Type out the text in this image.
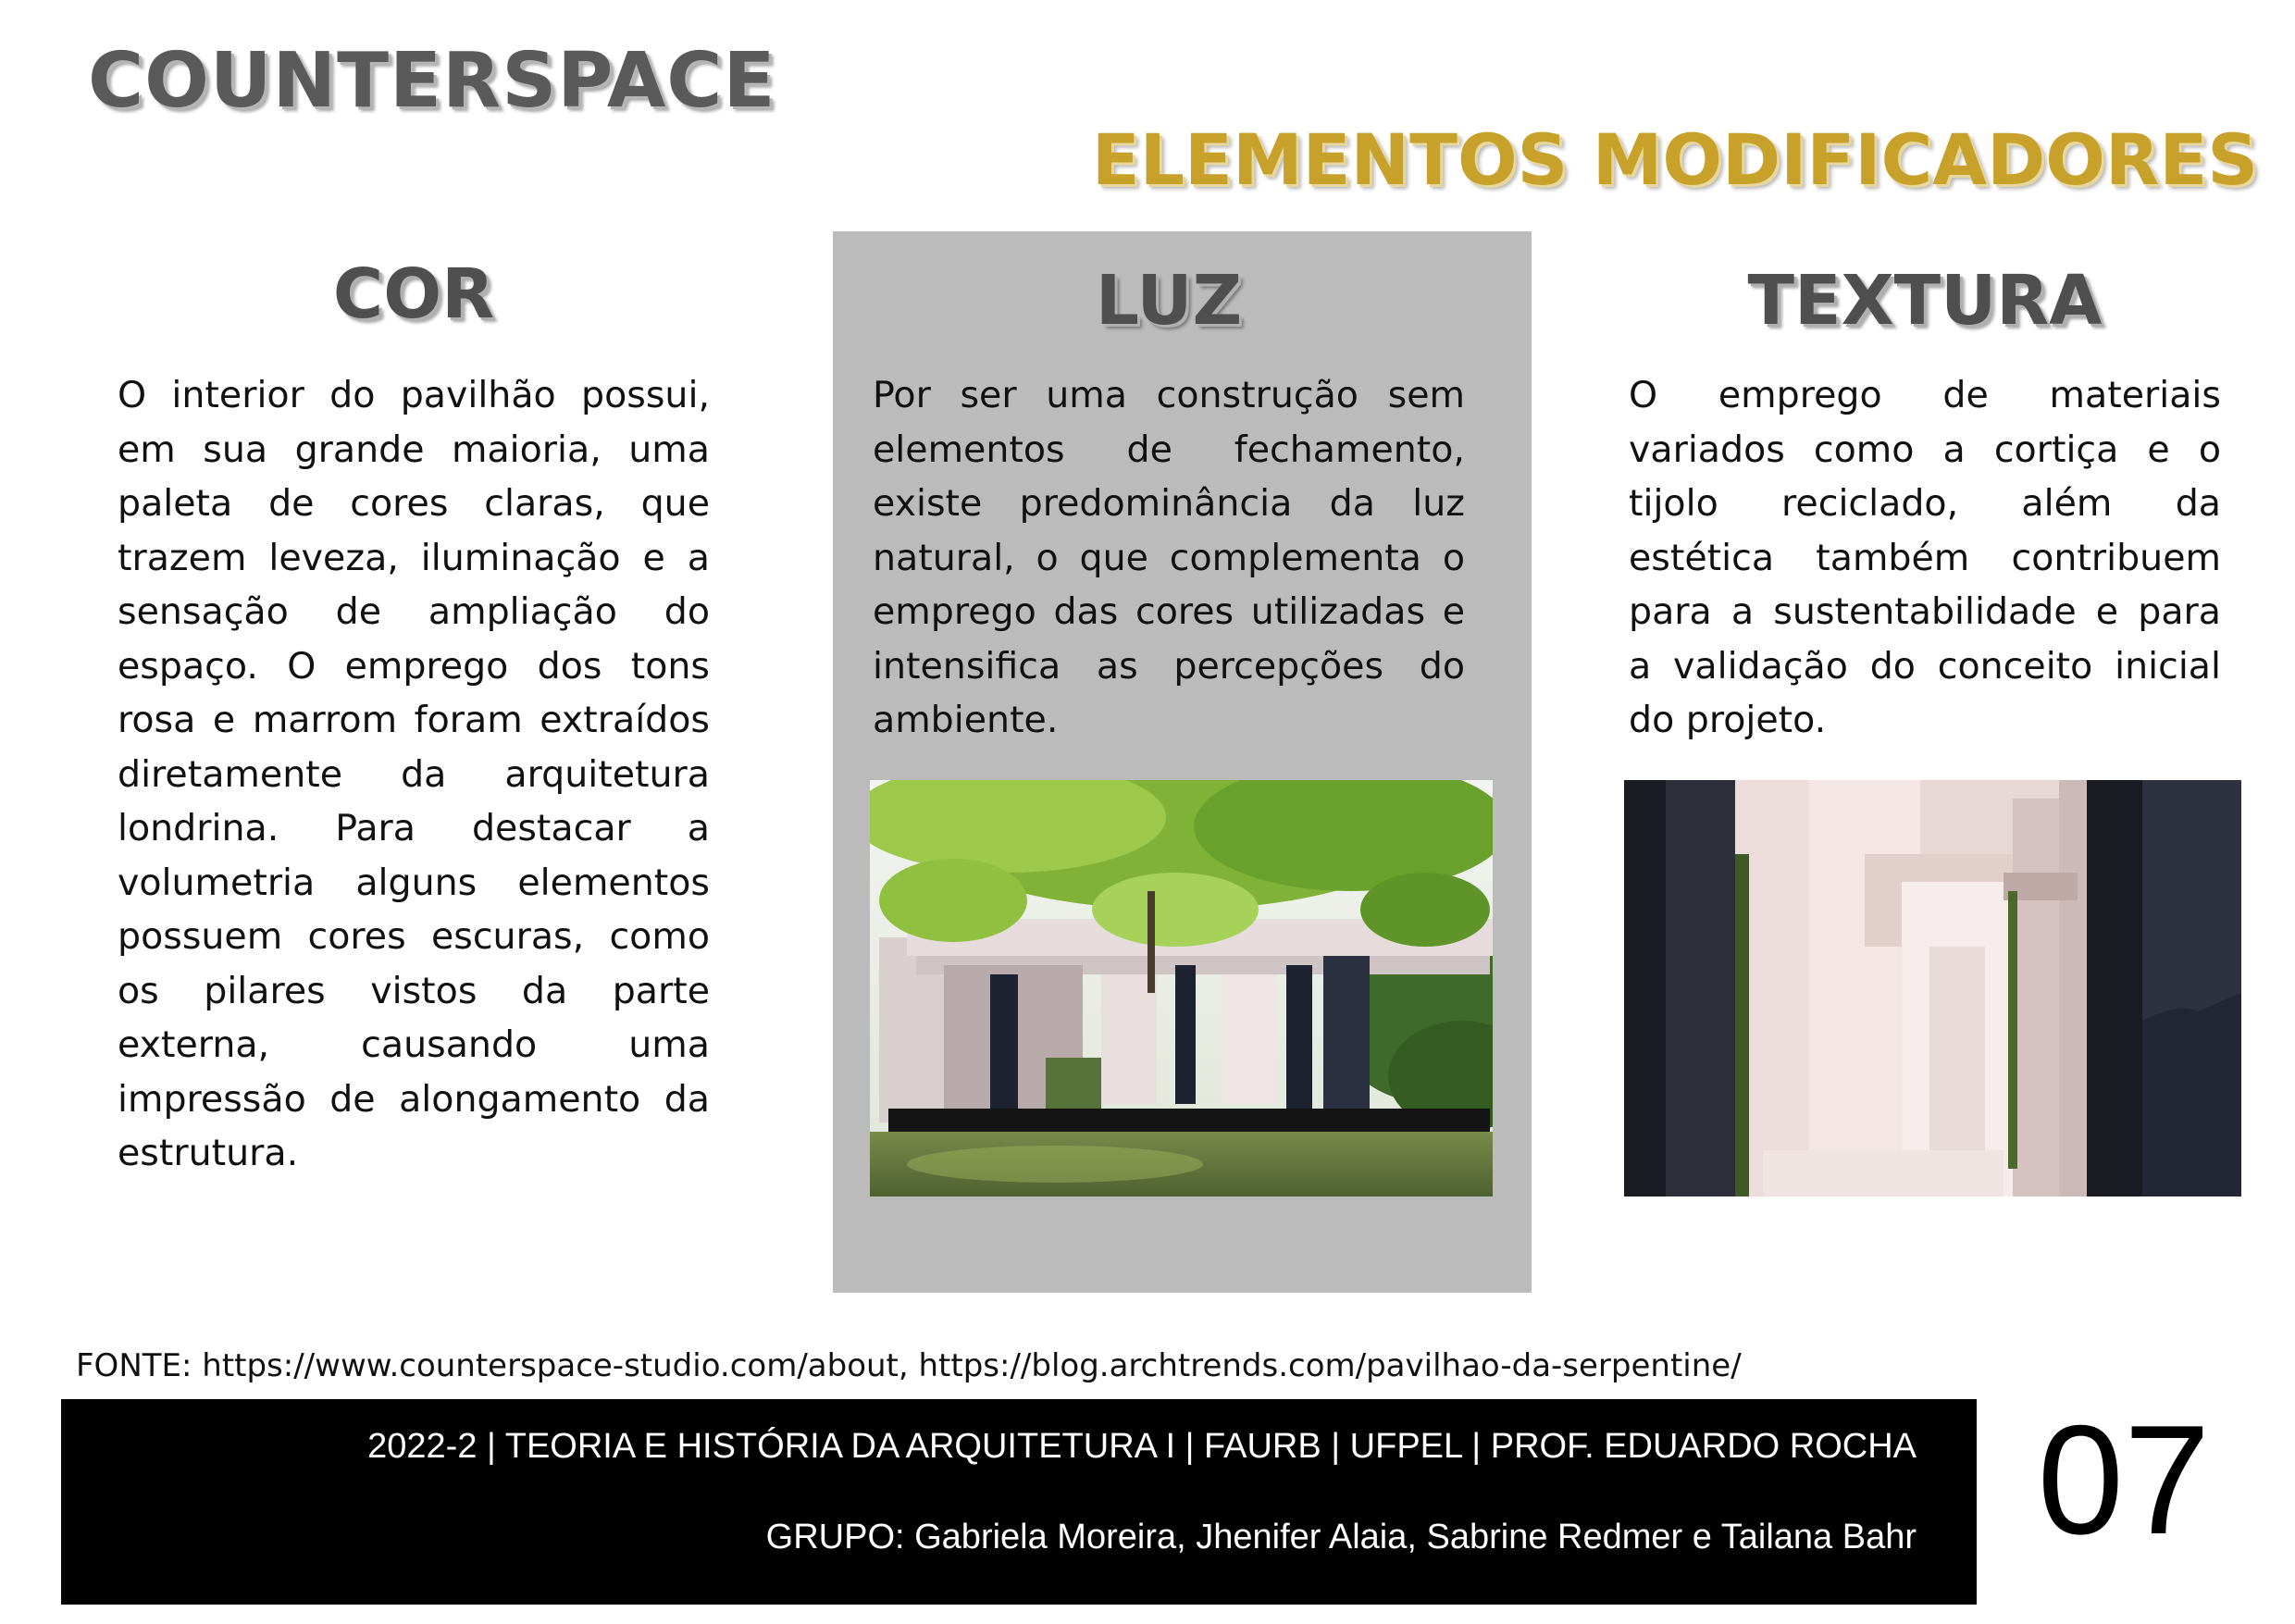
COUNTERSPACE
ELEMENTOS MODIFICADORES
COR

O interior do pavilhão possui, em sua grande maioria, uma paleta de cores claras, que trazem leveza, iluminação e a sensação de ampliação do espaço. O emprego dos tons rosa e marrom foram extraídos diretamente da arquitetura londrina. Para destacar a volumetria alguns elementos possuem cores escuras, como os pilares vistos da parte externa, causando uma impressão de alongamento da estrutura.

LUZ

Por ser uma construção sem elementos de fechamento, existe predominância da luz natural, o que complementa o emprego das cores utilizadas e intensifica as percepções do ambiente.

TEXTURA

O emprego de materiais variados como a cortiça e o tijolo reciclado, além da estética também contribuem para a sustentabilidade e para a validação do conceito inicial do projeto.

FONTE: https://www.counterspace-studio.com/about, https://blog.archtrends.com/pavilhao-da-serpentine/

2022-2 | TEORIA E HISTÓRIA DA ARQUITETURA I | FAURB | UFPEL | PROF. EDUARDO ROCHA

GRUPO: Gabriela Moreira, Jhenifer Alaia, Sabrine Redmer e Tailana Bahr 07
